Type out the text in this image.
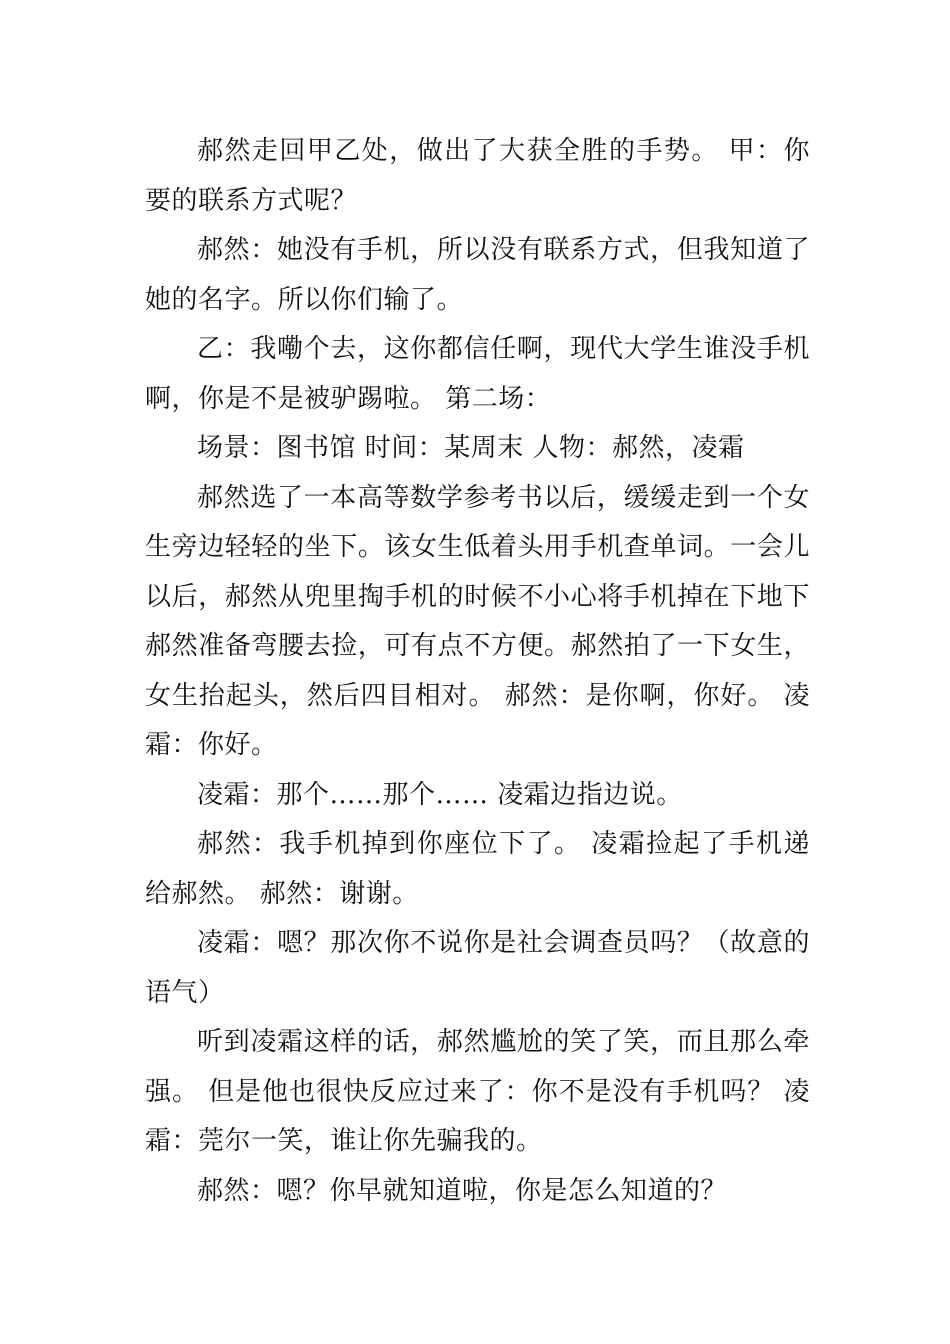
郝然走回甲乙处，做出了大获全胜的手势。 甲：你要的联系方式呢？

郝然：她没有手机，所以没有联系方式，但我知道了她的名字。所以你们输了。

乙：我嘞个去，这你都信任啊，现代大学生谁没手机啊，你是不是被驴踢啦。 第二场：

场景：图书馆 时间：某周末 人物：郝然，凌霜

郝然选了一本高等数学参考书以后，缓缓走到一个女生旁边轻轻的坐下。该女生低着头用手机查单词。一会儿以后，郝然从兜里掏手机的时候不小心将手机掉在下地下郝然准备弯腰去捡，可有点不方便。郝然拍了一下女生，女生抬起头，然后四目相对。 郝然：是你啊，你好。 凌霜：你好。

凌霜：那个……那个…… 凌霜边指边说。

郝然：我手机掉到你座位下了。 凌霜捡起了手机递给郝然。 郝然：谢谢。

凌霜：嗯？那次你不说你是社会调查员吗？（故意的语气）

听到凌霜这样的话，郝然尴尬的笑了笑，而且那么牵强。 但是他也很快反应过来了：你不是没有手机吗？ 凌霜：莞尔一笑，谁让你先骗我的。

郝然：嗯？你早就知道啦，你是怎么知道的？
